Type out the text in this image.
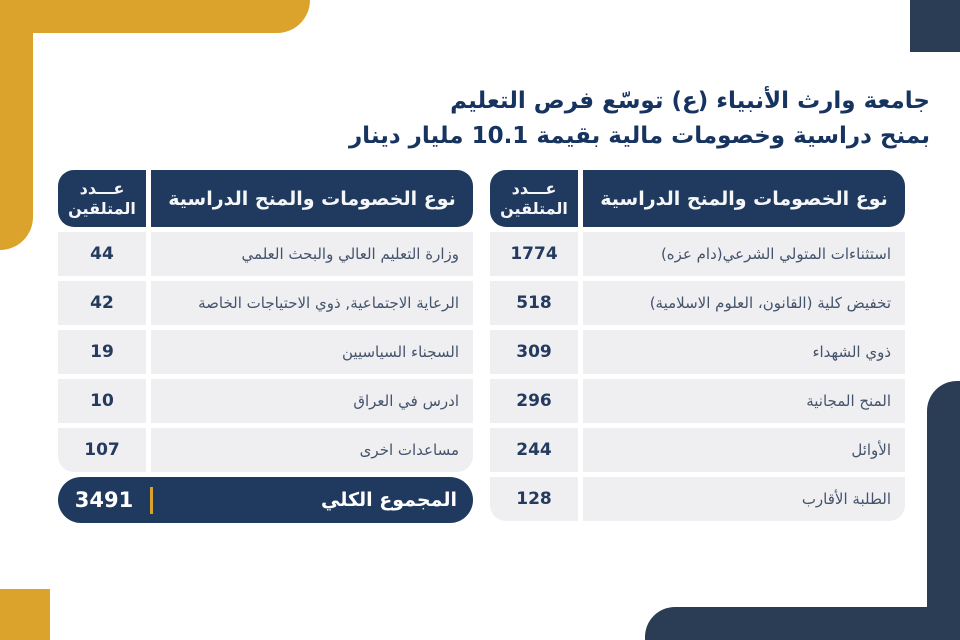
جامعة وارث الأنبياء (ع) توسّع فرص التعليم
بمنح دراسية وخصومات مالية بقيمة 10.1 مليار دينار
عـــدد
المتلقين	نوع الخصومات والمنح الدراسية
1774	استثناءات المتولي الشرعي(دام عزه)
518	تخفيض كلية (القانون، العلوم الاسلامية)
309	ذوي الشهداء
296	المنح المجانية
244	الأوائل
128	الطلبة الأقارب
عـــدد
المتلقين	نوع الخصومات والمنح الدراسية
44	وزارة التعليم العالي والبحث العلمي
42	الرعاية الاجتماعية, ذوي الاحتياجات الخاصة
19	السجناء السياسيين
10	ادرس في العراق
107	مساعدات اخرى
3491	المجموع الكلي
